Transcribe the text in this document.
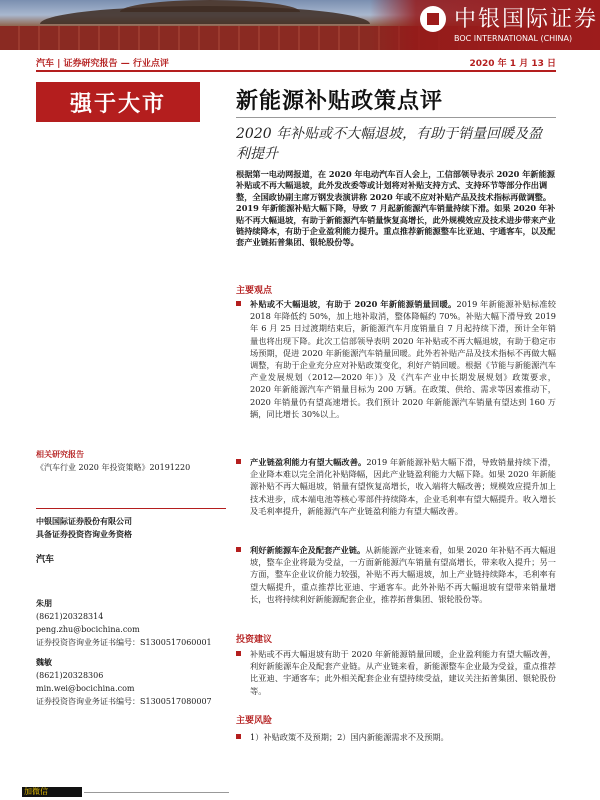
中银国际证券
BOC INTERNATIONAL (CHINA)
汽车 | 证券研究报告 — 行业点评	2020 年 1 月 13 日
强于大市	新能源补贴政策点评
2020 年补贴或不大幅退坡，有助于销量回暖及盈利提升
根据第一电动网报道，在 2020 年电动汽车百人会上，工信部领导表示 2020 年新能源补贴或不再大幅退坡，此外发改委等或计划将对补贴支持方式、支持环节等部分作出调整，全国政协副主席万钢发表演讲称 2020 年或不应对补贴产品及技术指标再做调整。2019 年新能源补贴大幅下降，导致 7 月起新能源汽车销量持续下滑。如果 2020 年补贴不再大幅退坡，有助于新能源汽车销量恢复高增长，此外规模效应及技术进步带来产业链持续降本，有助于企业盈利能力提升。重点推荐新能源整车比亚迪、宇通客车，以及配套产业链拓普集团、银轮股份等。
主要观点
补贴或不大幅退坡，有助于 2020 年新能源销量回暖。2019 年新能源补贴标准较 2018 年降低约 50%，加上地补取消，整体降幅约 70%。补贴大幅下滑导致 2019 年 6 月 25 日过渡期结束后，新能源汽车月度销量自 7 月起持续下滑，预计全年销量也将出现下降。此次工信部领导表明 2020 年补贴或不再大幅退坡，有助于稳定市场预期，促进 2020 年新能源汽车销量回暖。此外若补贴产品及技术指标不再做大幅调整，有助于企业充分应对补贴政策变化，利好产销回暖。根据《节能与新能源汽车产业发展规划（2012—2020 年）》及《汽车产业中长期发展规划》政策要求，2020 年新能源汽车产销量目标为 200 万辆。在政策、供给、需求等因素推动下，2020 年销量仍有望高速增长。我们预计 2020 年新能源汽车销量有望达到 160 万辆，同比增长 30%以上。
产业链盈利能力有望大幅改善。2019 年新能源补贴大幅下滑，导致销量持续下滑，企业降本难以完全消化补贴降幅，因此产业链盈利能力大幅下降。如果 2020 年新能源补贴不再大幅退坡，销量有望恢复高增长，收入端将大幅改善；规模效应提升加上技术进步，成本端电池等核心零部件持续降本，企业毛利率有望大幅提升。收入增长及毛利率提升，新能源汽车产业链盈利能力有望大幅改善。
利好新能源车企及配套产业链。从新能源产业链来看，如果 2020 年补贴不再大幅退坡，整车企业将最为受益，一方面新能源汽车销量有望高增长，带来收入提升；另一方面，整车企业议价能力较强，补贴不再大幅退坡，加上产业链持续降本，毛利率有望大幅提升，重点推荐比亚迪、宇通客车。此外补贴不再大幅退坡有望带来销量增长，也将持续利好新能源配套企业，推荐拓普集团、银轮股份等。
投资建议
补贴或不再大幅退坡有助于 2020 年新能源销量回暖，企业盈利能力有望大幅改善，利好新能源车企及配套产业链。从产业链来看，新能源整车企业最为受益，重点推荐比亚迪、宇通客车；此外相关配套企业有望持续受益，建议关注拓普集团、银轮股份等。
主要风险
1）补贴政策不及预期；2）国内新能源需求不及预期。
相关研究报告
《汽车行业 2020 年投资策略》20191220
中银国际证券股份有限公司
具备证券投资咨询业务资格
汽车
朱朋
(8621)20328314
peng.zhu@bocichina.com
证券投资咨询业务证书编号：S1300517060001
魏敏
(8621)20328306
min.wei@bocichina.com
证券投资咨询业务证书编号：S1300517080007
加微信
